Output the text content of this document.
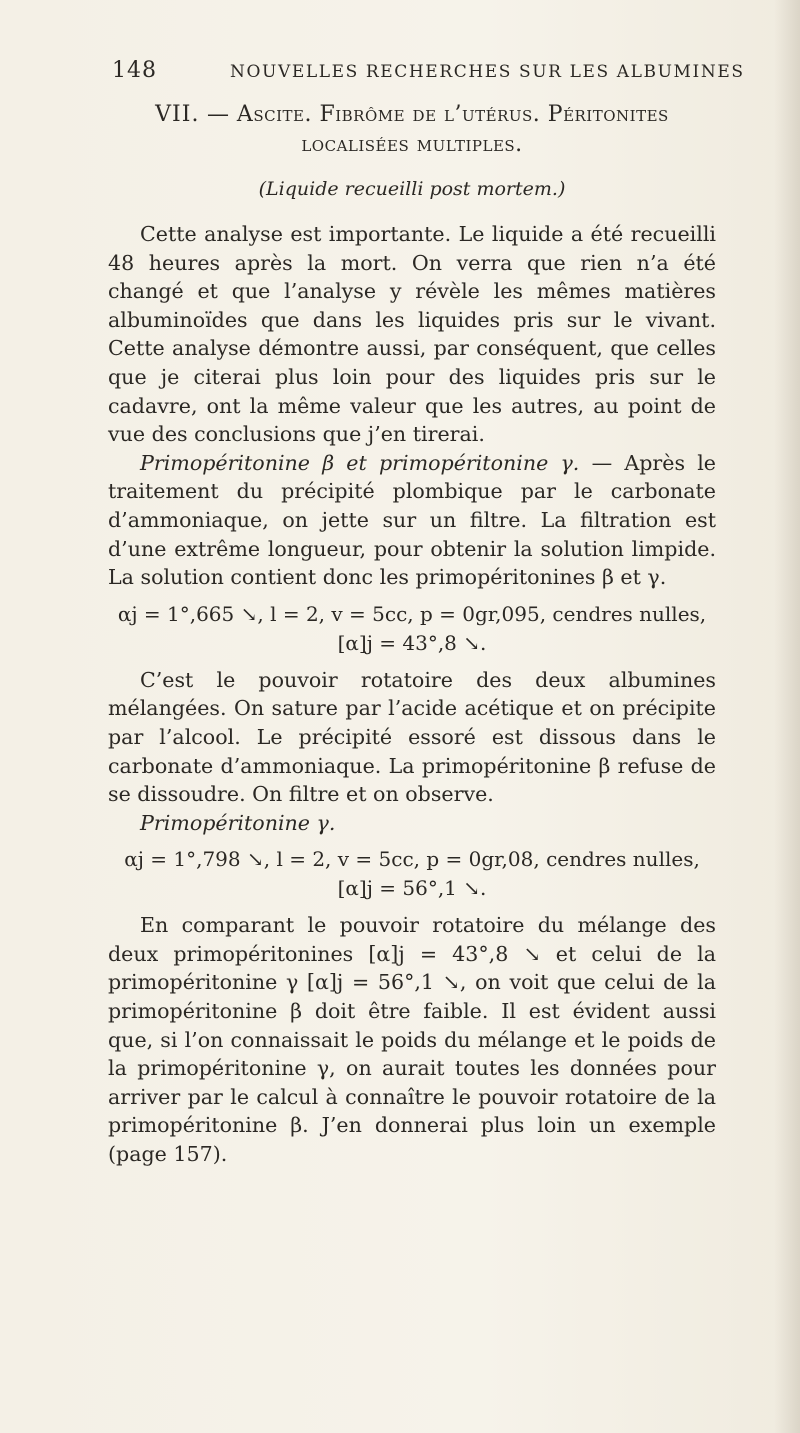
148	NOUVELLES RECHERCHES SUR LES ALBUMINES
VII. — Ascite. Fibrôme de l’utérus. Péritonites localisées multiples.
(Liquide recueilli post mortem.)

Cette analyse est importante. Le liquide a été recueilli 48 heures après la mort. On verra que rien n’a été changé et que l’analyse y révèle les mêmes matières albuminoïdes que dans les liquides pris sur le vivant. Cette analyse démontre aussi, par conséquent, que celles que je citerai plus loin pour des liquides pris sur le cadavre, ont la même valeur que les autres, au point de vue des conclusions que j’en tirerai.

Primopéritonine β et primopéritonine γ. — Après le traitement du précipité plombique par le carbonate d’ammoniaque, on jette sur un filtre. La filtration est d’une extrême longueur, pour obtenir la solution limpide. La solution contient donc les primopéritonines β et γ.

αj = 1°,665 ↘, l = 2, v = 5cc, p = 0gr,095, cendres nulles,
[α]j = 43°,8 ↘.

C’est le pouvoir rotatoire des deux albumines mélangées. On sature par l’acide acétique et on précipite par l’alcool. Le précipité essoré est dissous dans le carbonate d’ammoniaque. La primopéritonine β refuse de se dissoudre. On filtre et on observe.

Primopéritonine γ.
αj = 1°,798 ↘, l = 2, v = 5cc, p = 0gr,08, cendres nulles,
[α]j = 56°,1 ↘.

En comparant le pouvoir rotatoire du mélange des deux primopéritonines [α]j = 43°,8 ↘ et celui de la primopéritonine γ [α]j = 56°,1 ↘, on voit que celui de la primopéritonine β doit être faible. Il est évident aussi que, si l’on connaissait le poids du mélange et le poids de la primopéritonine γ, on aurait toutes les données pour arriver par le calcul à connaître le pouvoir rotatoire de la primopéritonine β. J’en donnerai plus loin un exemple (page 157).
